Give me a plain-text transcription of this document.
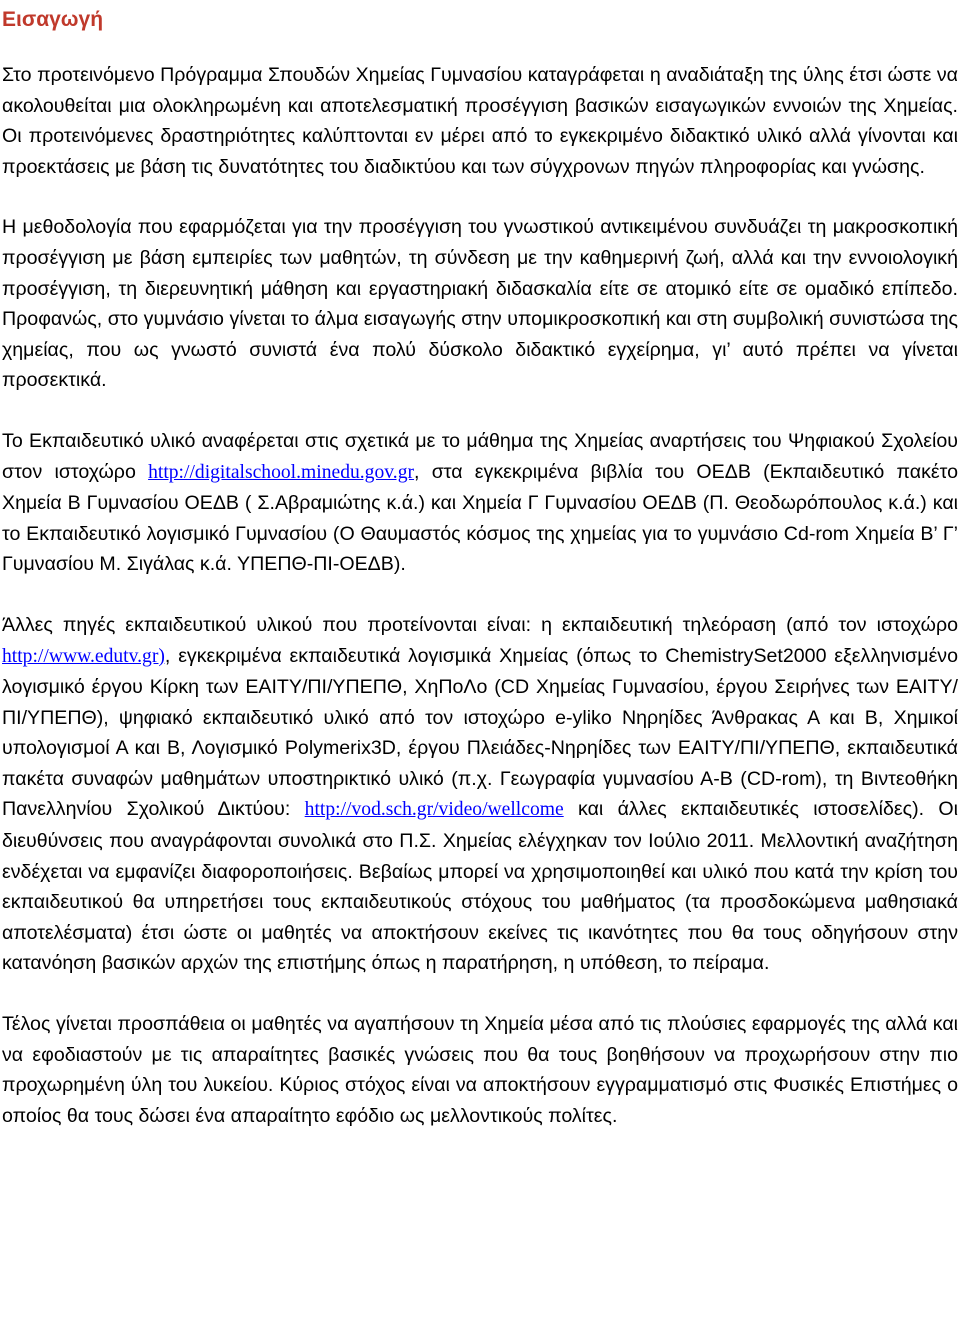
Εισαγωγή

Στο προτεινόμενο Πρόγραμμα Σπουδών Χημείας Γυμνασίου καταγράφεται η αναδιάταξη της ύλης έτσι ώστε να ακολουθείται μια ολοκληρωμένη και αποτελεσματική προσέγγιση βασικών εισαγωγικών εννοιών της Χημείας. Οι προτεινόμενες δραστηριότητες καλύπτονται εν μέρει από το εγκεκριμένο διδακτικό υλικό αλλά γίνονται και προεκτάσεις με βάση τις δυνατότητες του διαδικτύου και των σύγχρονων πηγών πληροφορίας και γνώσης.

Η μεθοδολογία που εφαρμόζεται για την προσέγγιση του γνωστικού αντικειμένου συνδυάζει τη μακροσκοπική προσέγγιση με βάση εμπειρίες των μαθητών, τη σύνδεση με την καθημερινή ζωή, αλλά και την εννοιολογική προσέγγιση, τη διερευνητική μάθηση και εργαστηριακή διδασκαλία είτε σε ατομικό είτε σε ομαδικό επίπεδο. Προφανώς, στο γυμνάσιο γίνεται το άλμα εισαγωγής στην υπομικροσκοπική και στη συμβολική συνιστώσα της χημείας, που ως γνωστό συνιστά ένα πολύ δύσκολο διδακτικό εγχείρημα, γι’ αυτό πρέπει να γίνεται προσεκτικά.

Το Εκπαιδευτικό υλικό αναφέρεται στις σχετικά με το μάθημα της Χημείας αναρτήσεις του Ψηφιακού Σχολείου στον ιστοχώρο http://digitalschool.minedu.gov.gr, στα εγκεκριμένα βιβλία του ΟΕΔΒ (Εκπαιδευτικό πακέτο Χημεία Β Γυμνασίου ΟΕΔΒ ( Σ.Αβραμιώτης κ.ά.) και Χημεία Γ Γυμνασίου ΟΕΔΒ (Π. Θεοδωρόπουλος κ.ά.) και το Εκπαιδευτικό λογισμικό Γυμνασίου (Ο Θαυμαστός κόσμος της χημείας για το γυμνάσιο Cd-rom Χημεία Β’ Γ’ Γυμνασίου Μ. Σιγάλας κ.ά. ΥΠΕΠΘ-ΠΙ-ΟΕΔΒ).

Άλλες πηγές εκπαιδευτικού υλικού που προτείνονται είναι: η εκπαιδευτική τηλεόραση (από τον ιστοχώρο http://www.edutv.gr), εγκεκριμένα εκπαιδευτικά λογισμικά Χημείας (όπως το ChemistrySet2000 εξελληνισμένο λογισμικό έργου Κίρκη των ΕΑΙΤΥ/ΠΙ/ΥΠΕΠΘ, ΧηΠοΛο (CD Χημείας Γυμνασίου, έργου Σειρήνες των ΕΑΙΤΥ/ΠΙ/ΥΠΕΠΘ), ψηφιακό εκπαιδευτικό υλικό από τον ιστοχώρο e-yliko Νηρηίδες Άνθρακας Α και Β, Χημικοί υπολογισμοί Α και Β, Λογισμικό Polymerix3D, έργου Πλειάδες-Νηρηίδες των ΕΑΙΤΥ/ΠΙ/ΥΠΕΠΘ, εκπαιδευτικά πακέτα συναφών μαθημάτων υποστηρικτικό υλικό (π.χ. Γεωγραφία γυμνασίου Α-Β (CD-rom), τη Βιντεοθήκη Πανελληνίου Σχολικού Δικτύου: http://vod.sch.gr/video/wellcome και άλλες εκπαιδευτικές ιστοσελίδες). Οι διευθύνσεις που αναγράφονται συνολικά στο Π.Σ. Χημείας ελέγχηκαν τον Ιούλιο 2011. Μελλοντική αναζήτηση ενδέχεται να εμφανίζει διαφοροποιήσεις. Βεβαίως μπορεί να χρησιμοποιηθεί και υλικό που κατά την κρίση του εκπαιδευτικού θα υπηρετήσει τους εκπαιδευτικούς στόχους του μαθήματος (τα προσδοκώμενα μαθησιακά αποτελέσματα) έτσι ώστε οι μαθητές να αποκτήσουν εκείνες τις ικανότητες που θα τους οδηγήσουν στην κατανόηση βασικών αρχών της επιστήμης όπως η παρατήρηση, η υπόθεση, το πείραμα.

Τέλος γίνεται προσπάθεια οι μαθητές να αγαπήσουν τη Χημεία μέσα από τις πλούσιες εφαρμογές της αλλά και να εφοδιαστούν με τις απαραίτητες βασικές γνώσεις που θα τους βοηθήσουν να προχωρήσουν στην πιο προχωρημένη ύλη του λυκείου. Κύριος στόχος είναι να αποκτήσουν εγγραμματισμό στις Φυσικές Επιστήμες ο οποίος θα τους δώσει ένα απαραίτητο εφόδιο ως μελλοντικούς πολίτες.
